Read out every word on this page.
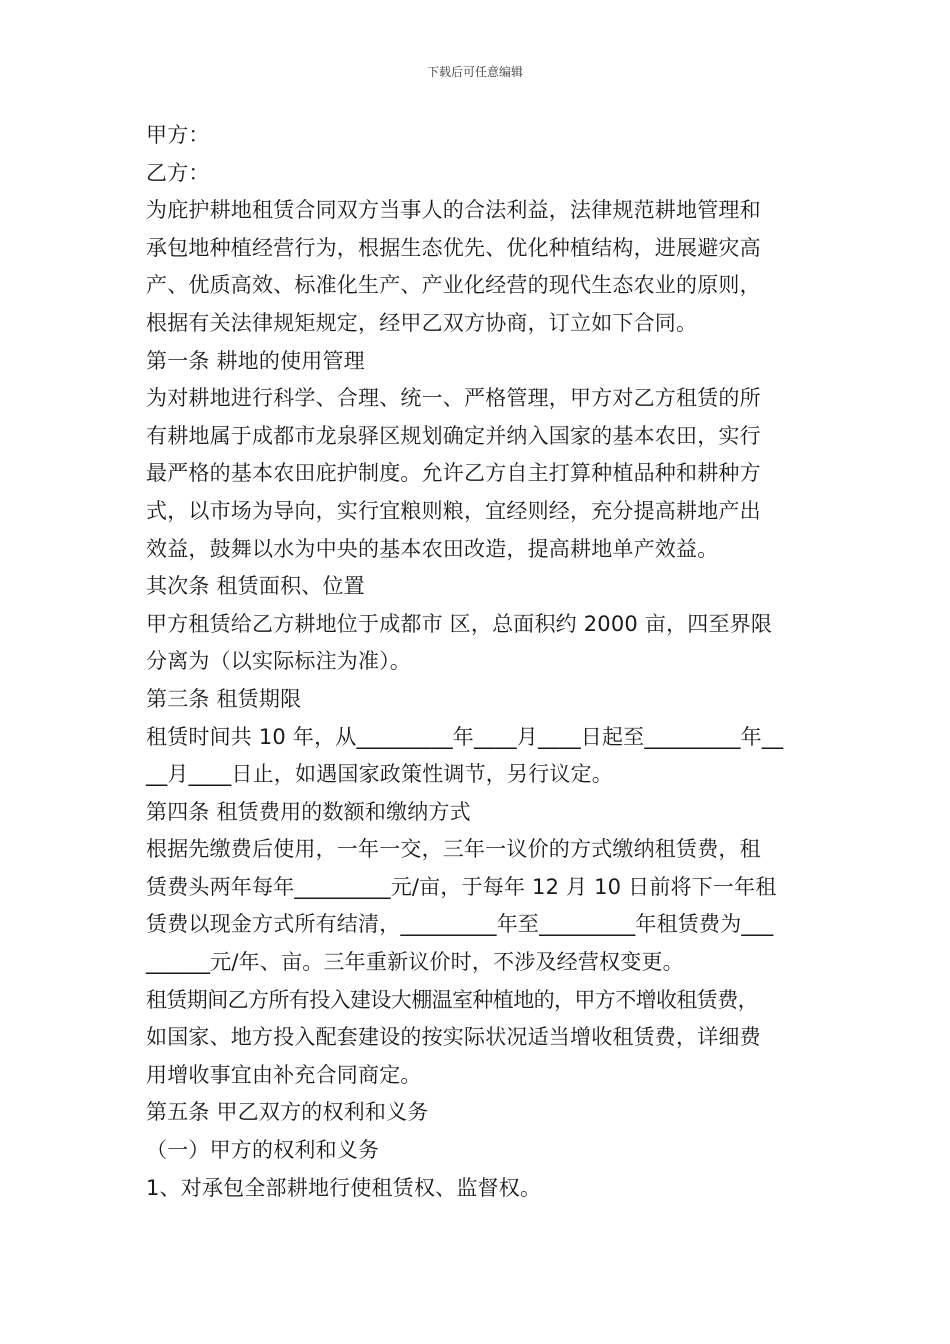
下载后可任意编辑
甲方：
乙方：
为庇护耕地租赁合同双方当事人的合法利益，法律规范耕地管理和
承包地种植经营行为，根据生态优先、优化种植结构，进展避灾高
产、优质高效、标准化生产、产业化经营的现代生态农业的原则，
根据有关法律规矩规定，经甲乙双方协商，订立如下合同。
第一条 耕地的使用管理
为对耕地进行科学、合理、统一、严格管理，甲方对乙方租赁的所
有耕地属于成都市龙泉驿区规划确定并纳入国家的基本农田，实行
最严格的基本农田庇护制度。允许乙方自主打算种植品种和耕种方
式，以市场为导向，实行宜粮则粮，宜经则经，充分提高耕地产出
效益，鼓舞以水为中央的基本农田改造，提高耕地单产效益。
其次条 租赁面积、位置
甲方租赁给乙方耕地位于成都市 区，总面积约 2000 亩，四至界限
分离为（以实际标注为准）。
第三条 租赁期限
租赁时间共 10 年，从_________年____月____日起至_________年__
__月____日止，如遇国家政策性调节，另行议定。
第四条 租赁费用的数额和缴纳方式
根据先缴费后使用，一年一交，三年一议价的方式缴纳租赁费，租
赁费头两年每年_________元/亩，于每年 12 月 10 日前将下一年租
赁费以现金方式所有结清，_________年至_________年租赁费为___
______元/年、亩。三年重新议价时，不涉及经营权变更。
租赁期间乙方所有投入建设大棚温室种植地的，甲方不增收租赁费，
如国家、地方投入配套建设的按实际状况适当增收租赁费，详细费
用增收事宜由补充合同商定。
第五条 甲乙双方的权利和义务
（一）甲方的权利和义务
1、对承包全部耕地行使租赁权、监督权。
